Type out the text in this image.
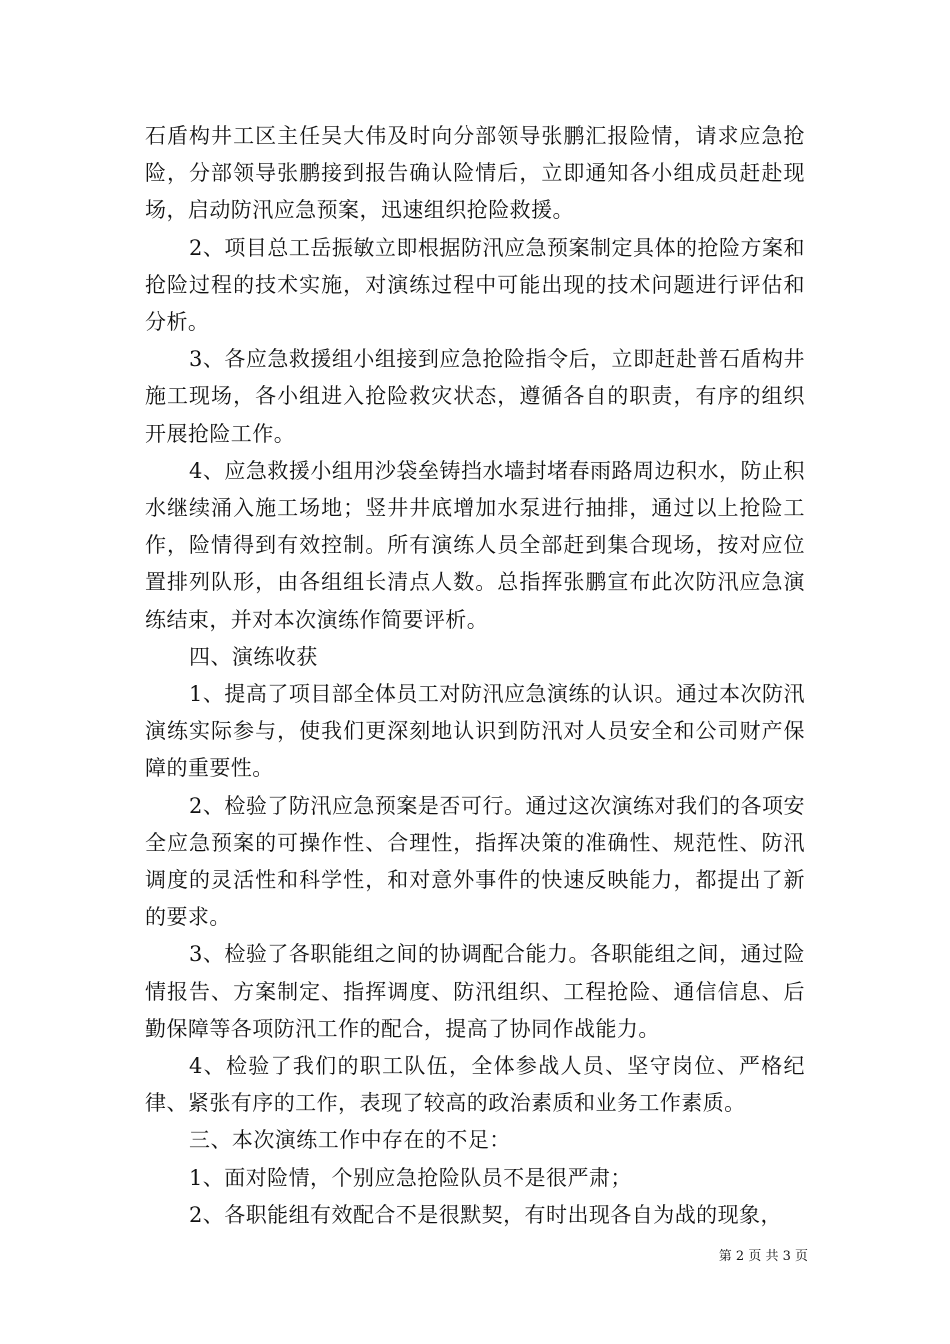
石盾构井工区主任吴大伟及时向分部领导张鹏汇报险情，请求应急抢险，分部领导张鹏接到报告确认险情后，立即通知各小组成员赶赴现场，启动防汛应急预案，迅速组织抢险救援。

2、项目总工岳振敏立即根据防汛应急预案制定具体的抢险方案和抢险过程的技术实施，对演练过程中可能出现的技术问题进行评估和分析。

3、各应急救援组小组接到应急抢险指令后，立即赶赴普石盾构井施工现场，各小组进入抢险救灾状态，遵循各自的职责，有序的组织开展抢险工作。

4、应急救援小组用沙袋垒铸挡水墙封堵春雨路周边积水，防止积水继续涌入施工场地；竖井井底增加水泵进行抽排，通过以上抢险工作，险情得到有效控制。所有演练人员全部赶到集合现场，按对应位置排列队形，由各组组长清点人数。总指挥张鹏宣布此次防汛应急演练结束，并对本次演练作简要评析。

四、演练收获

1、提高了项目部全体员工对防汛应急演练的认识。通过本次防汛演练实际参与，使我们更深刻地认识到防汛对人员安全和公司财产保障的重要性。

2、检验了防汛应急预案是否可行。通过这次演练对我们的各项安全应急预案的可操作性、合理性，指挥决策的准确性、规范性、防汛调度的灵活性和科学性，和对意外事件的快速反映能力，都提出了新的要求。

3、检验了各职能组之间的协调配合能力。各职能组之间，通过险情报告、方案制定、指挥调度、防汛组织、工程抢险、通信信息、后勤保障等各项防汛工作的配合，提高了协同作战能力。

4、检验了我们的职工队伍，全体参战人员、坚守岗位、严格纪律、紧张有序的工作，表现了较高的政治素质和业务工作素质。

三、本次演练工作中存在的不足：

1、面对险情，个别应急抢险队员不是很严肃；

2、各职能组有效配合不是很默契，有时出现各自为战的现象，

第 2 页 共 3 页
